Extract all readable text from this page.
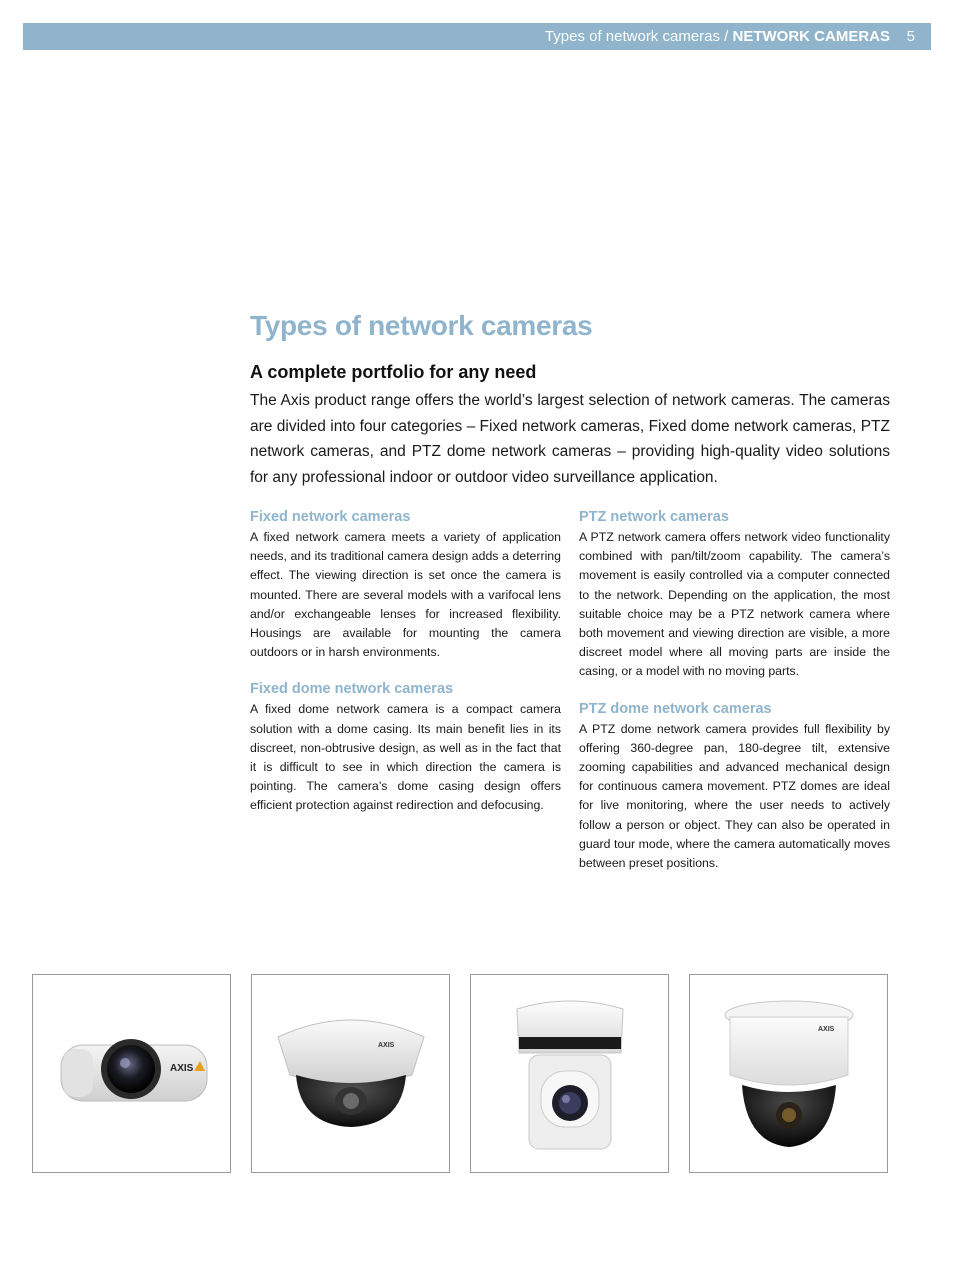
Types of network cameras / NETWORK CAMERAS 5
Types of network cameras
A complete portfolio for any need

The Axis product range offers the world’s largest selection of network cameras. The cameras are divided into four categories – Fixed network cameras, Fixed dome network cameras, PTZ network cameras, and PTZ dome network cameras – providing high-quality video solutions for any professional indoor or outdoor video surveillance application.

Fixed network cameras

A fixed network camera meets a variety of application needs, and its traditional camera design adds a deterring effect. The viewing direction is set once the camera is mounted. There are several models with a varifocal lens and/or exchangeable lenses for increased flexibility. Housings are available for mounting the camera outdoors or in harsh environments.

Fixed dome network cameras

A fixed dome network camera is a compact camera solution with a dome casing. Its main benefit lies in its discreet, non-obtrusive design, as well as in the fact that it is difficult to see in which direction the camera is pointing. The camera’s dome casing design offers efficient protection against redirection and defocusing.

PTZ network cameras

A PTZ network camera offers network video functionality combined with pan/tilt/zoom capability. The camera’s movement is easily controlled via a computer connected to the network. Depending on the application, the most suitable choice may be a PTZ network camera where both movement and viewing direction are visible, a more discreet model where all moving parts are inside the casing, or a model with no moving parts.

PTZ dome network cameras

A PTZ dome network camera provides full flexibility by offering 360-degree pan, 180-degree tilt, extensive zooming capabilities and advanced mechanical design for continuous camera movement. PTZ domes are ideal for live monitoring, where the user needs to actively follow a person or object. They can also be operated in guard tour mode, where the camera automatically moves between preset positions.

AXIS
AXIS
AXIS
